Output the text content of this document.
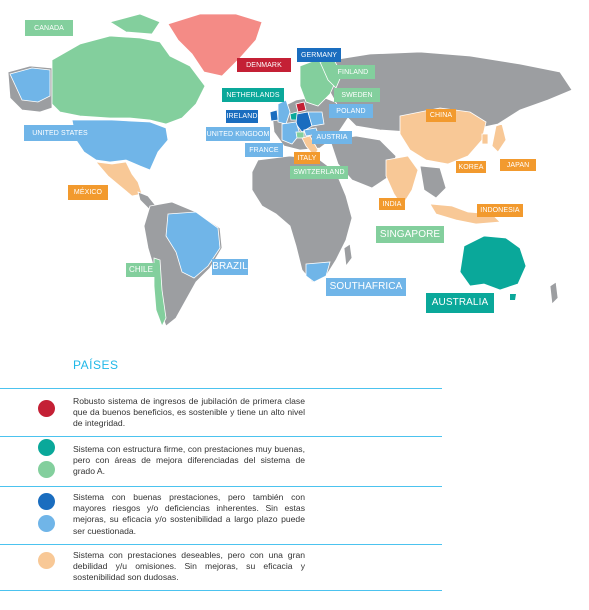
CANADA
DENMARK
GERMANY
FINLAND
NETHERLANDS	SWEDEN
IRELAND
POLAND
CHINA
UNITED STATES	UNITED KINGDOM	AUSTRIA
FRANCE
ITALY
SWITZERLAND
KOREA	JAPAN
MÉXICO
INDIA
INDONESIA
SINGAPORE
CHILE	BRAZIL
SOUTHAFRICA
AUSTRALIA
PAÍSES
Robusto sistema de ingresos de jubilación de primera clase que da buenos beneficios, es sostenible y tiene un alto nivel de integridad.
Sistema con estructura firme, con prestaciones muy buenas, pero con áreas de mejora diferenciadas del sistema de grado A.
Sistema con buenas prestaciones, pero también con mayores riesgos y/o deficiencias inherentes. Sin estas mejoras, su eficacia y/o sostenibilidad a largo plazo puede ser cuestionada.
Sistema con prestaciones deseables, pero con una gran debilidad y/u omisiones. Sin mejoras, su eficacia y sostenibilidad son dudosas.
